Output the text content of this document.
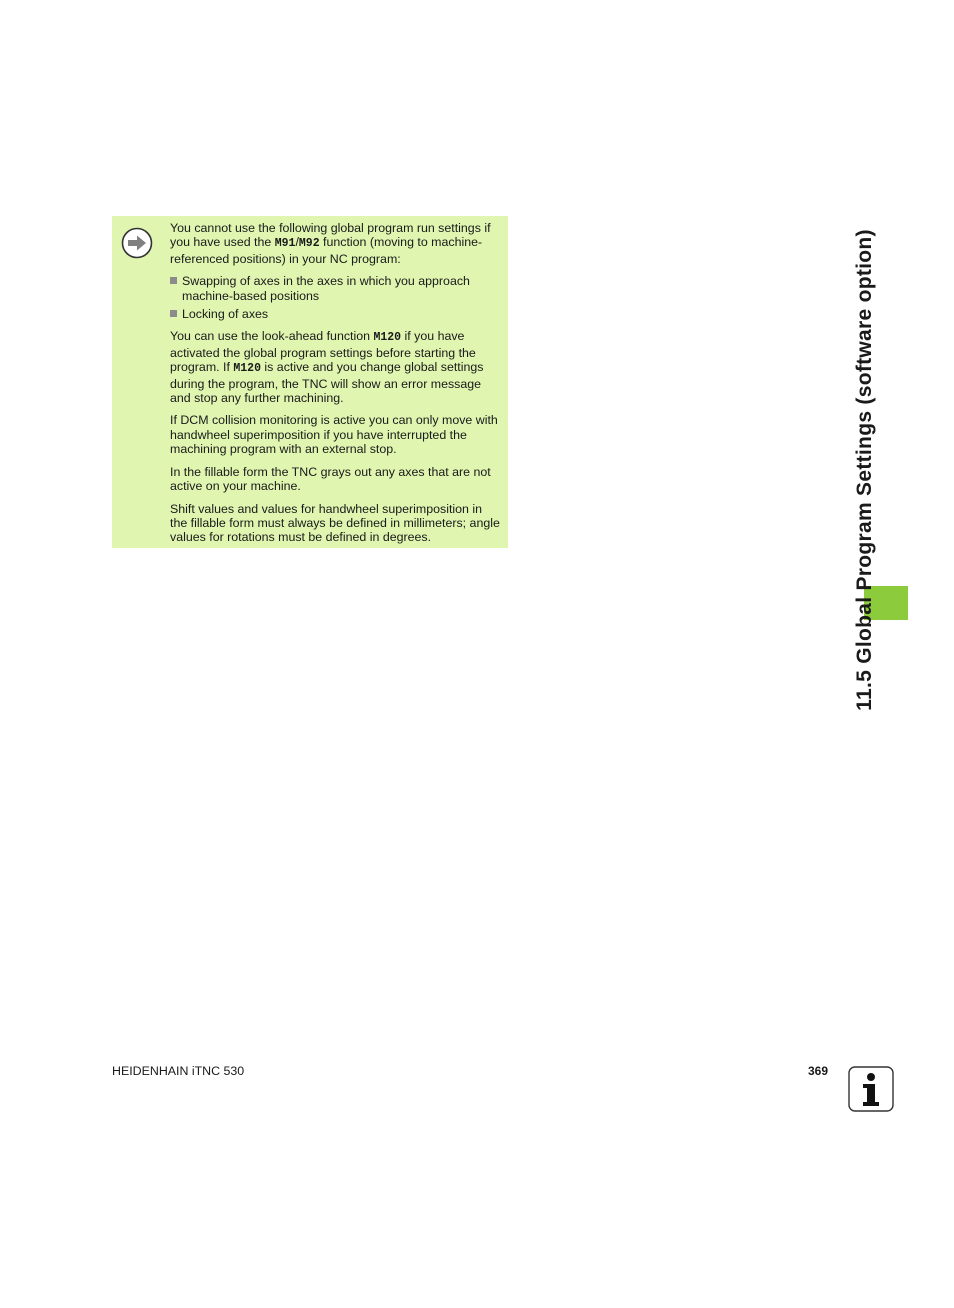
You cannot use the following global program run settings if you have used the M91/M92 function (moving to machine-referenced positions) in your NC program:

Swapping of axes in the axes in which you approach machine-based positions
Locking of axes

You can use the look-ahead function M120 if you have activated the global program settings before starting the program. If M120 is active and you change global settings during the program, the TNC will show an error message and stop any further machining.

If DCM collision monitoring is active you can only move with handwheel superimposition if you have interrupted the machining program with an external stop.

In the fillable form the TNC grays out any axes that are not active on your machine.

Shift values and values for handwheel superimposition in the fillable form must always be defined in millimeters; angle values for rotations must be defined in degrees.	11.5 Global Program Settings (software option)
HEIDENHAIN iTNC 530	369
